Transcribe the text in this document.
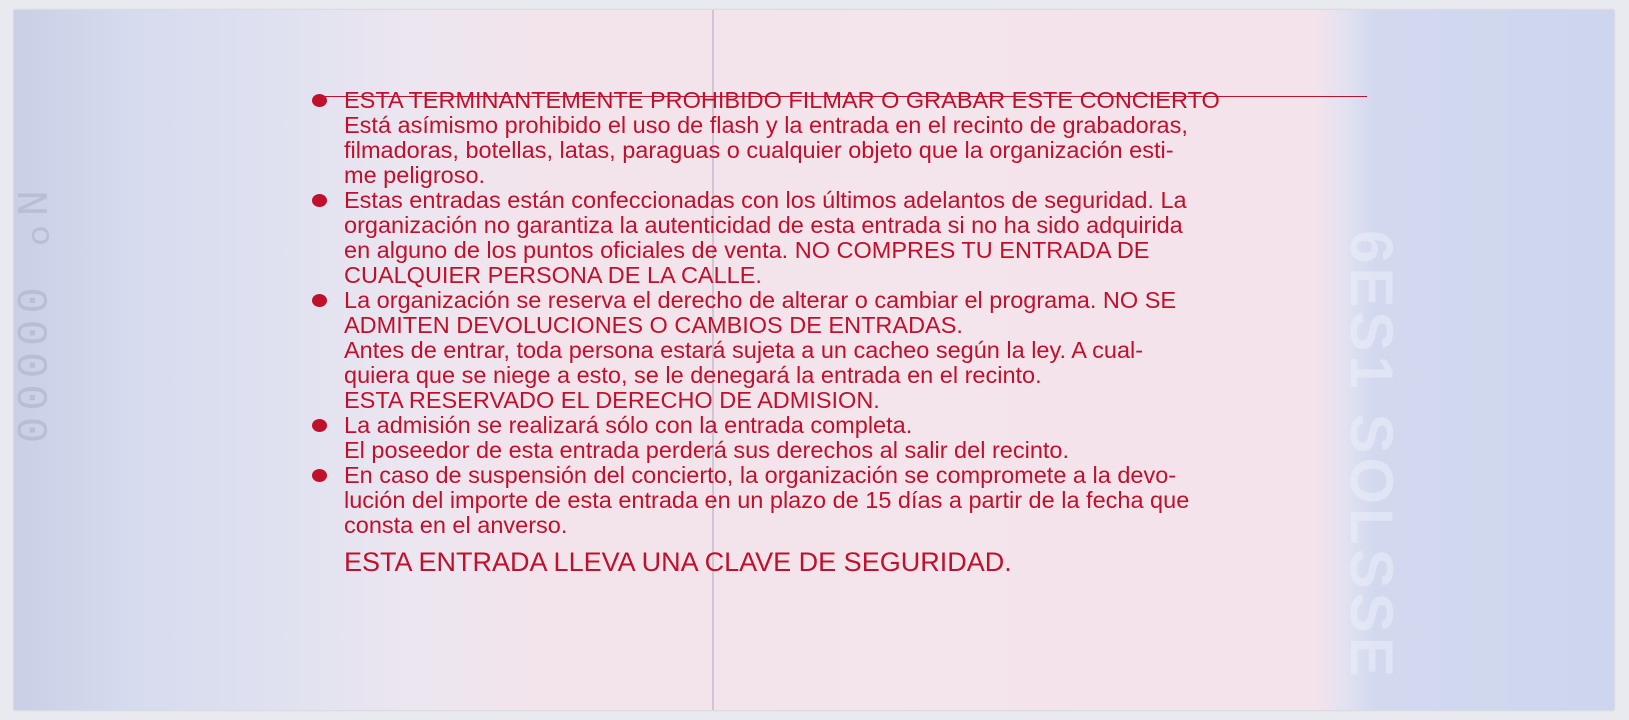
Nº 00000	6ES1 SOLSSE
ESTA TERMINANTEMENTE PROHIBIDO FILMAR O GRABAR ESTE CONCIERTO
Está asímismo prohibido el uso de flash y la entrada en el recinto de grabadoras,
filmadoras, botellas, latas, paraguas o cualquier objeto que la organización esti-
me peligroso.
Estas entradas están confeccionadas con los últimos adelantos de seguridad. La
organización no garantiza la autenticidad de esta entrada si no ha sido adquirida
en alguno de los puntos oficiales de venta. NO COMPRES TU ENTRADA DE
CUALQUIER PERSONA DE LA CALLE.
La organización se reserva el derecho de alterar o cambiar el programa. NO SE
ADMITEN DEVOLUCIONES O CAMBIOS DE ENTRADAS.
Antes de entrar, toda persona estará sujeta a un cacheo según la ley. A cual-
quiera que se niege a esto, se le denegará la entrada en el recinto.
ESTA RESERVADO EL DERECHO DE ADMISION.
La admisión se realizará sólo con la entrada completa.
El poseedor de esta entrada perderá sus derechos al salir del recinto.
En caso de suspensión del concierto, la organización se compromete a la devo-
lución del importe de esta entrada en un plazo de 15 días a partir de la fecha que
consta en el anverso.
ESTA ENTRADA LLEVA UNA CLAVE DE SEGURIDAD.
